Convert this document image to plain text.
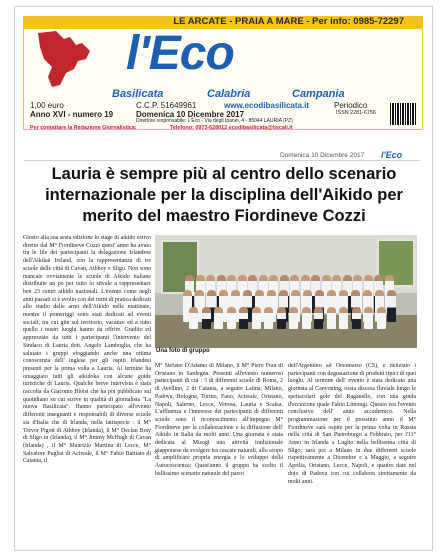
LE ARCATE - PRAIA A MARE - Per info: 0985-72297
l'Eco
Basilicata	Calabria	Campania
1,00 euro	C.C.P. 51649961	www.ecodibasilicata.it	Periodico
Anno XVI - numero 19	Domenica 10 Dicembre 2017
Direttore responsabile: L'Eco - Via degli Ipanei, 4 - 85044 LAURIA (PZ)
Per contattare la Redazione Giornalistica:	Telefono: 0973-628012 ecodibasilicata@tiscali.it
ISSN 2281-6756
Domenica 10 Dicembre 2017 l'Eco
Lauria è sempre più al centro dello scenario internazionale per la disciplina dell'Aikido per merito del maestro Fiordineve Cozzi
Giusto alla sua sesta edizione lo stage di aikido estivo diretto dal M° Fiordineve Cozzi quest' anno ha avuto tra le file dei partecipanti la delegazione Irlandese dell'Aikikai Ireland, con la rappresentanza di tre scuole delle città di Cavan, Athboy e Sligo. Non sono mancate ovviamente le scuole di Aikido italiane distribuite un po per tutto lo stivale a rappresentare ben 23 centri aikido nazionali. L'evento come negli anni passati si è svolto con dei turni di pratica dedicati allo studio delle armi dell'Aikido nelle mattinate, mentre il pomeriggi sono stati dedicati ad eventi sociali, tra cui gite sul territorio, vacanze ed a tutto quello i nostri luoghi hanno da offrire. Gradito ed apprezzato da tutti i partecipanti l'intervento del Sindaco di Lauria dott. Angelo Lamboglia, che ha salutato i gruppi sfoggiando anche una ottima conoscenza dell' inglese per gli ospiti Irlandesi presenti per la prima volta a Lauria. Al termine ha omaggiato tutti gli aikidoka con alcune guide turistiche di Lauria. Qualche breve intervista è stata raccolta da Giacomo Bloisi che ha poi pubblicato sul quotidiano su cui scrive in qualità di giornalista "La nuova Basilicata". Hanno partecipato all'evento differenti insegnanti e responsabili di diverse scuole sia d'Italia che di Irlanda, nella fattispecie : il M° Trevor Pigott di Athboy (Irlanda), il M° Declan Bray di Sligo in (Irlanda), il M° Jimmy McHugh di Cavan (Irlanda) , il M° Maurizio Martina di Lecce, M° Salvatore Puglisi di Acireale, il M° Fabio Battiato di Catania, il
Una foto di gruppo
M° Stefano D'Adamo di Milano, il M° Piero Frau di Oristano in Sardegna. Presenti all'evento numerosi partecipanti di cui : 3 di differenti scuole di Roma, 2 di Avellino, 2 di Catania, a seguire Latina, Milano, Padova, Bologna, Torino, Fano, Acireale, Oristano, Napoli, Salerno, Lecce, Venosa, Lauria e Scalea. L'affluenza e l'interesse dei partecipanti di differenti scuole sono il riconoscimento all'impegno M° Fiordineve per la collaborazione e la diffusione dell' Aikido in Italia da molti anni. Una giornata è stata dedicata al Misogi una attività tradizionale giapponese da svolgere tra cascate naturali, allo scopo di amplificare propria energia e lo sviluppo della Autocoscienza; Quest'anno il gruppo ha scelto il bellissimo scenario naturale del parco
dell'Argentino ad Orsomarso (CS), e deliziato i partecipanti con degustazione di prodotti tipici di quei luoghi. Al termine dell' evento è stata dedicata una giornata al Canyoning, ossia discesa fluviale lungo le spettacolari gole del Raganello, con una guida d'eccezione quale Fabio Limongi. Questo era l'evento conclusivo dell' anno accademico. Nella programmazione per il prossimo anno il M° Fiordineve sarà ospite per la prima volta in Russia nella città di San Pietroburgo a Febbraio, per l'11° Anno in Irlanda a Luglio nella bellissima città di Sligo; sarà poi a Milano in due differenti scuole rispettivamente a Dicembre e a Maggio, a seguire Aprilia, Oristano, Lecce, Napoli, e quattro date nel dojo di Padova con cui collabora strettamente da molti anni.
